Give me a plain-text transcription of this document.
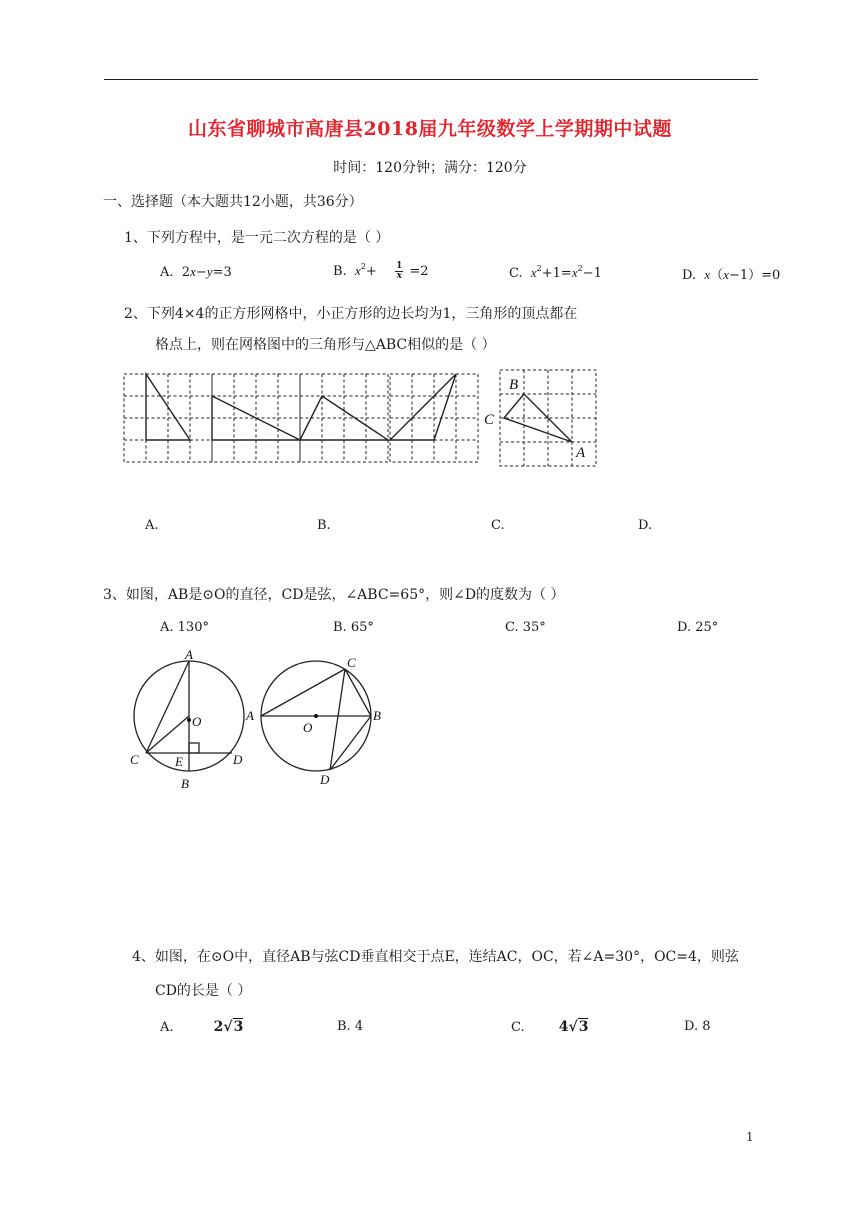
山东省聊城市高唐县2018届九年级数学上学期期中试题
时间：120分钟；满分：120分
一、选择题（本大题共12小题，共36分）
1、下列方程中，是一元二次方程的是（ ）
A.  2x−y=3	B. $x^2+ \frac{1}{x} =2$	C. $x^2+1=x^2-1$	D. x（x−1）=0
2、下列4×4的正方形网格中，小正方形的边长均为1，三角形的顶点都在
格点上，则在网格图中的三角形与△ABC相似的是（ ）
B
C
A
A.	B.	C.	D.
3、如图，AB是⊙O的直径，CD是弦，∠ABC=65°，则∠D的度数为（ ）
A. 130°	B. 65°	C. 35°	D. 25°
A
O
C	E	D
B
C
A
O
B
D
4、如图，在⊙O中，直径AB与弦CD垂直相交于点E，连结AC，OC，若∠A=30°，OC=4，则弦
CD的长是（ ）
A.	2√3	B. 4	C. 4√3	D. 8
1
